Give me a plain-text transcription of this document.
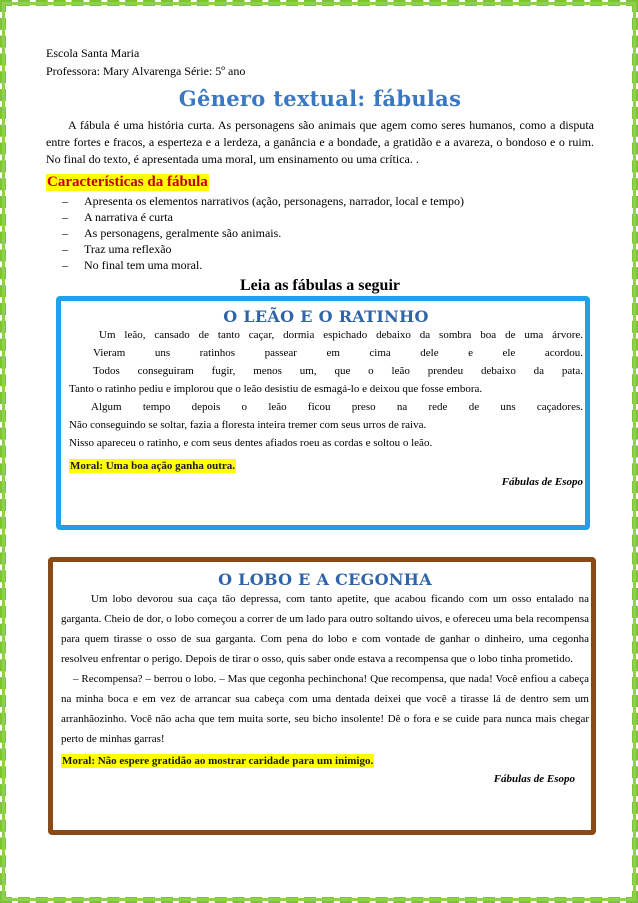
Escola Santa Maria
Professora: Mary Alvarenga Série: 5º ano
Gênero textual: fábulas
A fábula é uma história curta. As personagens são animais que agem como seres humanos, como a disputa entre fortes e fracos, a esperteza e a lerdeza, a ganância e a bondade, a gratidão e a avareza, o bondoso e o ruim. No final do texto, é apresentada uma moral, um ensinamento ou uma crítica. .
Características da fábula
– Apresenta os elementos narrativos (ação, personagens, narrador, local e tempo)
– A narrativa é curta
– As personagens, geralmente são animais.
– Traz uma reflexão
– No final tem uma moral.
Leia as fábulas a seguir
O LEÃO E O RATINHO

Um leão, cansado de tanto caçar, dormia espichado debaixo da sombra boa de uma árvore.

Vieram uns ratinhos passear em cima dele e ele acordou.

Todos conseguiram fugir, menos um, que o leão prendeu debaixo da pata.

Tanto o ratinho pediu e implorou que o leão desistiu de esmagá-lo e deixou que fosse embora.

Algum tempo depois o leão ficou preso na rede de uns caçadores.

Não conseguindo se soltar, fazia a floresta inteira tremer com seus urros de raiva.

Nisso apareceu o ratinho, e com seus dentes afiados roeu as cordas e soltou o leão.

Moral: Uma boa ação ganha outra.
Fábulas de Esopo
O LOBO E A CEGONHA

Um lobo devorou sua caça tão depressa, com tanto apetite, que acabou ficando com um osso entalado na garganta. Cheio de dor, o lobo começou a correr de um lado para outro soltando uivos, e ofereceu uma bela recompensa para quem tirasse o osso de sua garganta. Com pena do lobo e com vontade de ganhar o dinheiro, uma cegonha resolveu enfrentar o perigo. Depois de tirar o osso, quis saber onde estava a recompensa que o lobo tinha prometido.

– Recompensa? – berrou o lobo. – Mas que cegonha pechinchona! Que recompensa, que nada! Você enfiou a cabeça na minha boca e em vez de arrancar sua cabeça com uma dentada deixei que você a tirasse lá de dentro sem um arranhãozinho. Você não acha que tem muita sorte, seu bicho insolente! Dê o fora e se cuide para nunca mais chegar perto de minhas garras!

Moral: Não espere gratidão ao mostrar caridade para um inimigo.
Fábulas de Esopo
